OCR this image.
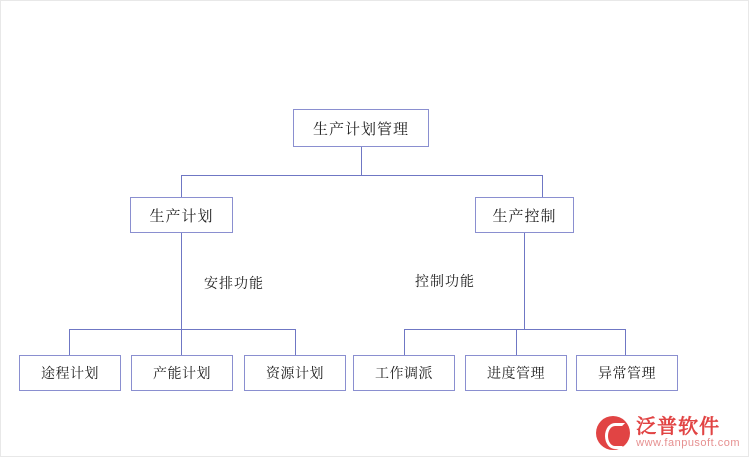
生产计划管理
生产计划	生产控制
安排功能	控制功能
途程计划	产能计划	资源计划	工作调派	进度管理	异常管理
泛普软件
www.fanpusoft.com
